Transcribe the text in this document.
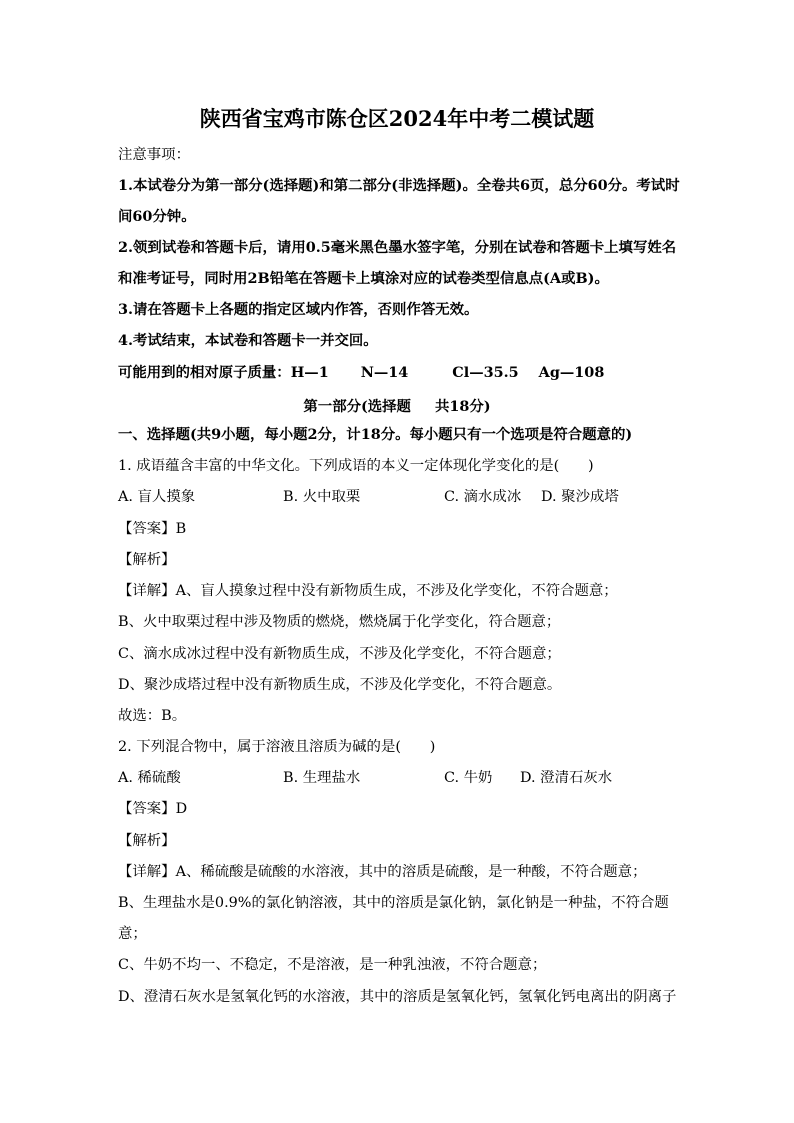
陕西省宝鸡市陈仓区2024年中考二模试题
注意事项：
1.本试卷分为第一部分(选择题)和第二部分(非选择题)。全卷共6页，总分60分。考试时
间60分钟。
2.领到试卷和答题卡后，请用0.5毫米黑色墨水签字笔，分别在试卷和答题卡上填写姓名
和准考证号，同时用2B铅笔在答题卡上填涂对应的试卷类型信息点(A或B)。
3.请在答题卡上各题的指定区域内作答，否则作答无效。
4.考试结束，本试卷和答题卡一并交回。
可能用到的相对原子质量：H—1 N—14	Cl—35.5 Ag—108
第一部分(选择题 共18分)
一、选择题(共9小题，每小题2分，计18分。每小题只有一个选项是符合题意的)
1. 成语蕴含丰富的中华文化。下列成语的本义一定体现化学变化的是(　　)
A. 盲人摸象	B. 火中取栗	C. 滴水成冰 D. 聚沙成塔
【答案】B
【解析】
【详解】A、盲人摸象过程中没有新物质生成，不涉及化学变化，不符合题意；
B、火中取栗过程中涉及物质的燃烧，燃烧属于化学变化，符合题意；
C、滴水成冰过程中没有新物质生成，不涉及化学变化，不符合题意；
D、聚沙成塔过程中没有新物质生成，不涉及化学变化，不符合题意。
故选：B。
2. 下列混合物中，属于溶液且溶质为碱的是(　　)
A. 稀硫酸	B. 生理盐水	C. 牛奶 D. 澄清石灰水
【答案】D
【解析】
【详解】A、稀硫酸是硫酸的水溶液，其中的溶质是硫酸，是一种酸，不符合题意；
B、生理盐水是0.9%的氯化钠溶液，其中的溶质是氯化钠，氯化钠是一种盐，不符合题
意；
C、牛奶不均一、不稳定，不是溶液，是一种乳浊液，不符合题意；
D、澄清石灰水是氢氧化钙的水溶液，其中的溶质是氢氧化钙，氢氧化钙电离出的阴离子
